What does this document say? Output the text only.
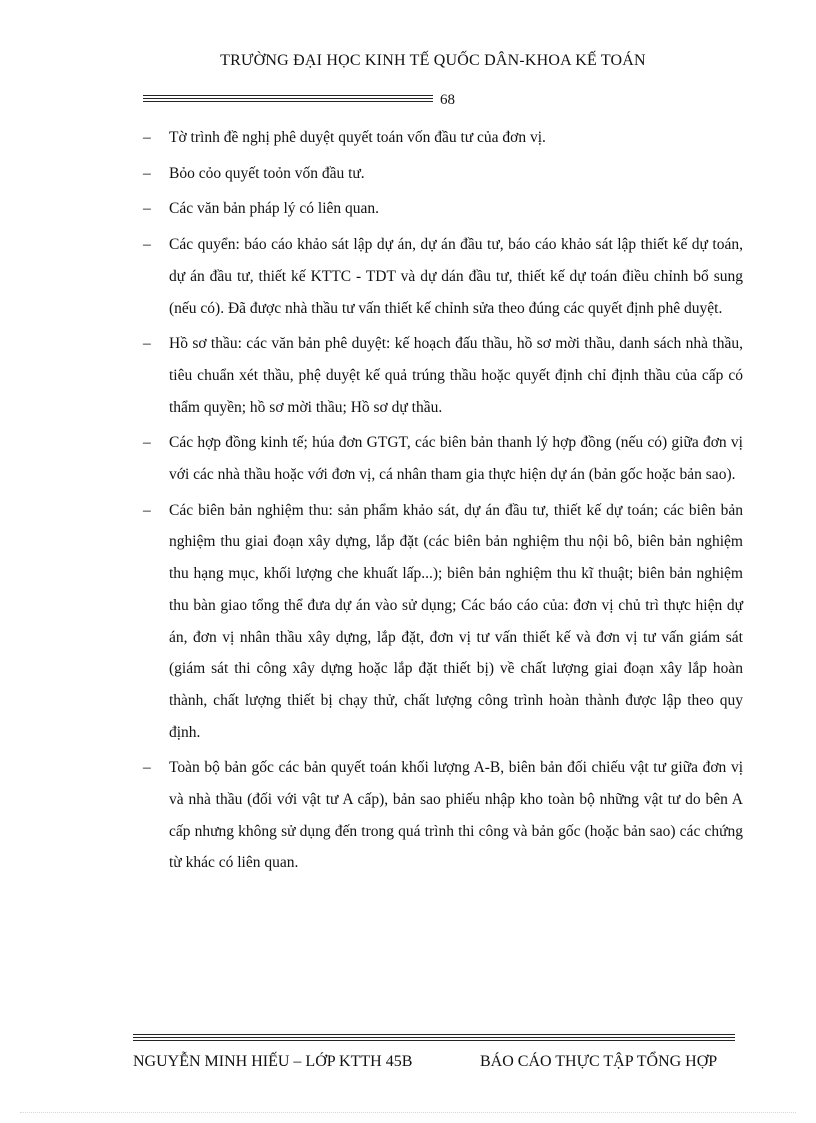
TRƯỜNG ĐẠI HỌC KINH TẾ QUỐC DÂN-KHOA KẾ TOÁN
68
– Tờ trình đề nghị phê duyệt quyết toán vốn đầu tư của đơn vị.
– Bỏo cỏo quyết toỏn vốn đầu tư.
– Các văn bản pháp lý có liên quan.
– Các quyển: báo cáo khảo sát lập dự án, dự án đầu tư, báo cáo khảo sát lập thiết kế dự toán, dự án đầu tư, thiết kế KTTC - TDT và dự dán đầu tư, thiết kế dự toán điều chỉnh bổ sung (nếu có). Đã được nhà thầu tư vấn thiết kế chỉnh sửa theo đúng các quyết định phê duyệt.
– Hồ sơ thầu: các văn bản phê duyệt: kế hoạch đấu thầu, hồ sơ mời thầu, danh sách nhà thầu, tiêu chuẩn xét thầu, phệ duyệt kế quả trúng thầu hoặc quyết định chỉ định thầu của cấp có thẩm quyền; hồ sơ mời thầu; Hồ sơ dự thầu.
– Các hợp đồng kinh tế; húa đơn GTGT, các biên bản thanh lý hợp đồng (nếu có) giữa đơn vị với các nhà thầu hoặc với đơn vị, cá nhân tham gia thực hiện dự án (bản gốc hoặc bản sao).
– Các biên bản nghiệm thu: sản phẩm khảo sát, dự án đầu tư, thiết kế dự toán; các biên bản nghiệm thu giai đoạn xây dựng, lắp đặt (các biên bản nghiệm thu nội bô, biên bản nghiệm thu hạng mục, khối lượng che khuất lấp...); biên bản nghiệm thu kĩ thuật; biên bản nghiệm thu bàn giao tổng thể đưa dự án vào sử dụng; Các báo cáo của: đơn vị chủ trì thực hiện dự án, đơn vị nhân thầu xây dựng, lắp đặt, đơn vị tư vấn thiết kế và đơn vị tư vấn giám sát (giám sát thi công xây dựng hoặc lắp đặt thiết bị) về chất lượng giai đoạn xây lắp hoàn thành, chất lượng thiết bị chạy thử, chất lượng công trình hoàn thành được lập theo quy định.
– Toàn bộ bản gốc các bản quyết toán khối lượng A-B, biên bản đối chiếu vật tư giữa đơn vị và nhà thầu (đối với vật tư A cấp), bản sao phiếu nhập kho toàn bộ những vật tư do bên A cấp nhưng không sử dụng đến trong quá trình thi công và bản gốc (hoặc bản sao) các chứng từ khác có liên quan.
NGUYỄN MINH HIẾU – LỚP KTTH 45B	BÁO CÁO THỰC TẬP TỔNG HỢP
